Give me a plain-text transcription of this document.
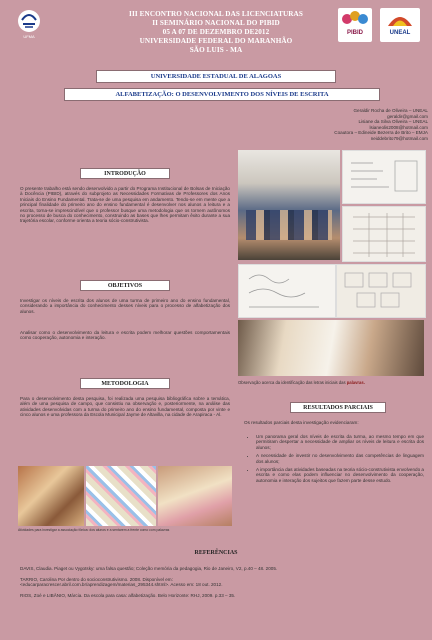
UFMA
III ENCONTRO NACIONAL DAS LICENCIATURAS
II SEMINÁRIO NACIONAL DO PIBID
05 A 07 DE DEZEMBRO DE2012
UNIVERSIDADE FEDERAL DO MARANHÃO
SÃO LUIS - MA
PIBID	UNEAL
UNIVERSIDADE ESTADUAL DE ALAGOAS
ALFABETIZAÇÃO: O DESENVOLVIMENTO DOS NÍVEIS DE ESCRITA
Geraldir Rocha de Oliveira – UNEAL
geraldir@gmail.com
Lisiane da Silva Oliveira – UNEAL
lsianeolis2008@hotmail.com
Coautora – Edineide Bezerra de Brito – EMJA
neiddebrito79@hotmail.com
INTRODUÇÃO
O presente trabalho está sendo desenvolvido a partir do Programa Institucional de Bolsas de Iniciação à Docência (PIBID), através do subprojeto as Necessidades Formativas de Professores dos Anos Iniciais do Ensino Fundamental. Trata-se de uma pesquisa em andamento. Tendo-se em mente que a principal finalidade do primeiro ano do ensino fundamental é desenvolver nos alunos a leitura e a escrita, torna-se imprescindível que o professor busque uma metodologia que os tornem autônomos no processo de busca do conhecimento, construindo as bases que lhes permitam êxito durante a sua trajetória escolar, conforme orienta a teoria sócio-construtivista.
OBJETIVOS
Investigar os níveis de escrita dos alunos de uma turma de primeiro ano do ensino fundamental, considerando a importância do conhecimento desses níveis para o processo de alfabetização dos alunos.
Analisar como o desenvolvimento da leitura e escrita podem melhorar questões comportamentais como cooperação, autonomia e interação.
METODOLOGIA
Para o desenvolvimento desta pesquisa, foi realizada uma pesquisa bibliográfica sobre a temática, além de uma pesquisa de campo, que consistiu na observação e, posteriormente, na análise das atividades desenvolvidas com a turma do primeiro ano do ensino fundamental, composta por vinte e cinco alunos e uma professora da Escola Municipal Jayme de Altavilla, na cidade de Arapiraca - Al.
Atividades para investigar a associação fônica: dos alunos e a sentarem a frente como com palavras
Observação acerca da identificação das letras iniciais das palavras.
RESULTADOS PARCIAIS
Os resultados parciais desta investigação evidenciaram:
• Um panorama geral dos níveis de escrita da turma, ao mesmo tempo em que permitiram despertar a necessidade de ampliar os níveis de leitura e escrita dos alunos;
• A necessidade de investir no desenvolvimento das competências de linguagem dos alunos;
• A importância das atividades baseadas na teoria sócio-construtivista envolvendo a escrita e como elas podem influenciar no desenvolvimento da cooperação, autonomia e interação dos sujeitos que fazem parte desse estudo.
REFERÊNCIAS
DAVIS, Claudia. Piaget ou Vygotsky: uma falsa questão; Coleção memória da pedagogia, Rio de Janeiro, V2, p.40 – 48. 2005.
TARRIO, Carolina Por dentro do socioconstrutivismo. 2008. Disponível em:
<educarparacrescer.abril.com.br/aprendizagem/materias_295344.shtml>. Acesso em: 18 out. 2012.
RIOS, Zoé e LIBÂNIO, Márcia. Da escola para casa: alfabetização. Belo Horizonte: RHJ, 2009. p.33 – 35.
